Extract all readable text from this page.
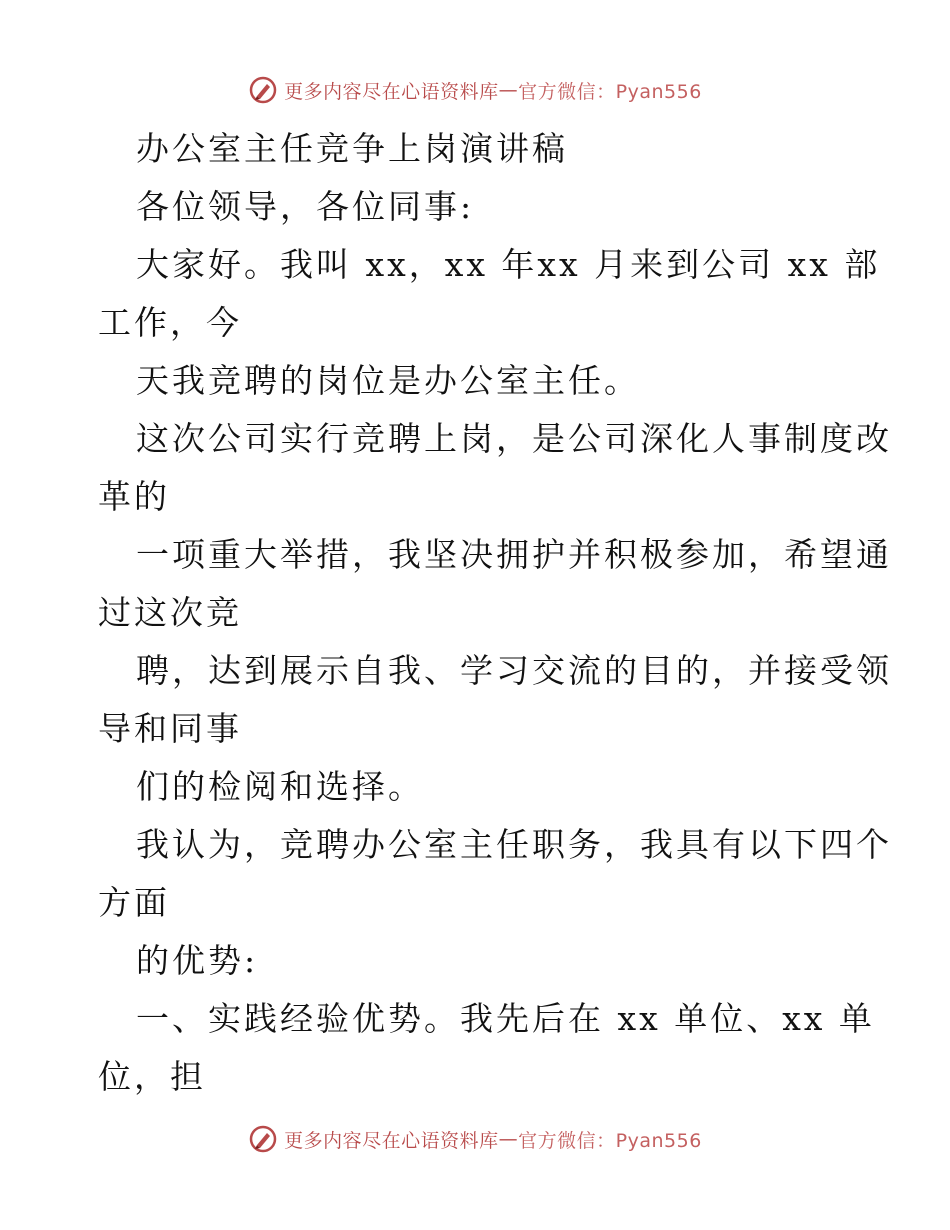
更多内容尽在心语资料库 — 官方微信：Pyan556
办公室主任竞争上岗演讲稿
各位领导，各位同事:
大家好。我叫 xx，xx 年xx 月来到公司 xx 部
工作，今
天我竞聘的岗位是办公室主任。
这次公司实行竞聘上岗，是公司深化人事制度改
革的
一项重大举措，我坚决拥护并积极参加，希望通
过这次竞
聘，达到展示自我、学习交流的目的，并接受领
导和同事
们的检阅和选择。
我认为，竞聘办公室主任职务，我具有以下四个
方面
的优势:
一、实践经验优势。我先后在 xx 单位、xx 单
位，担
更多内容尽在心语资料库 — 官方微信：Pyan556
